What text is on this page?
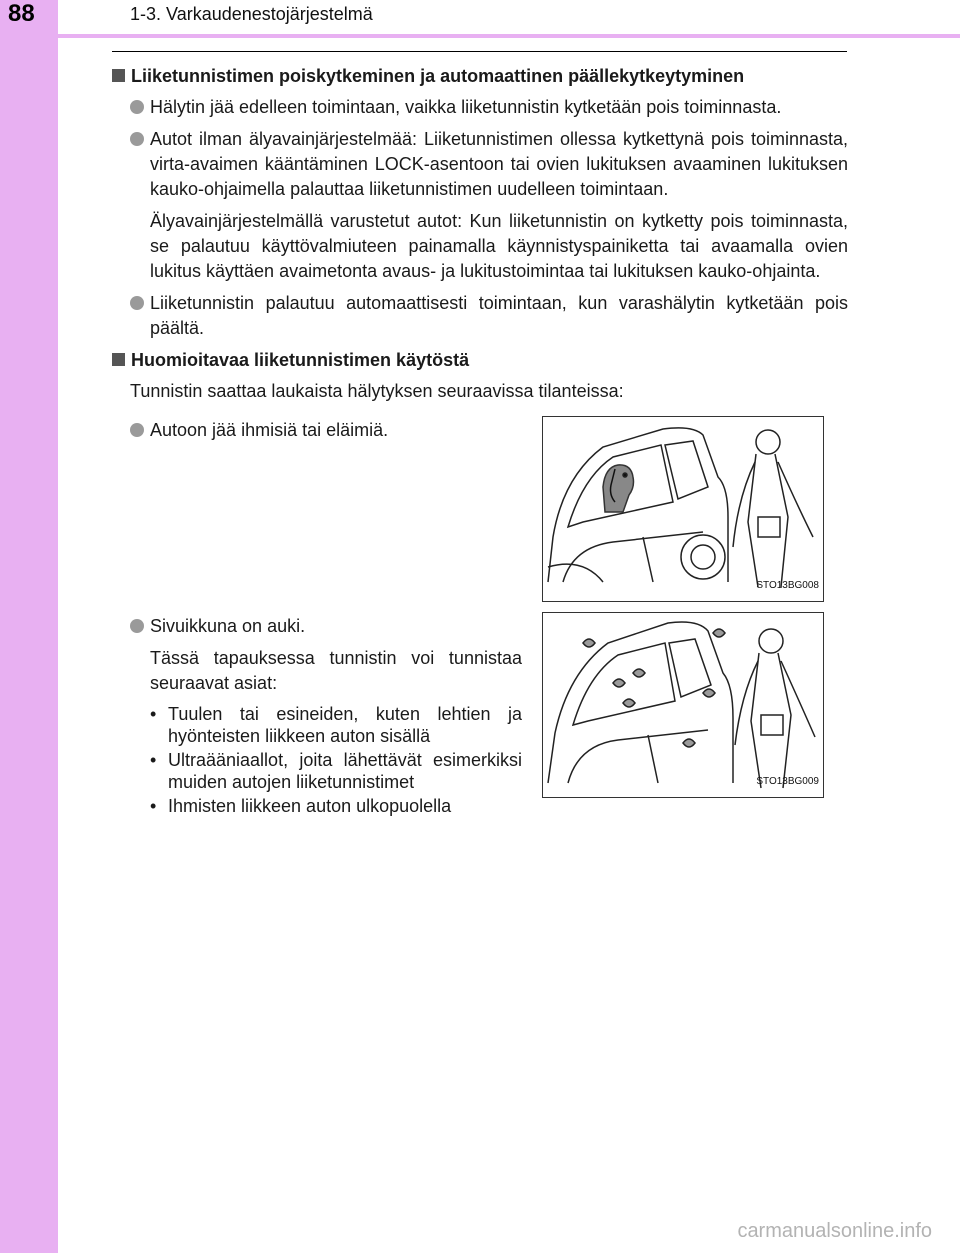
88	1-3. Varkaudenestojärjestelmä
Liiketunnistimen poiskytkeminen ja automaattinen päällekytkeytyminen
Hälytin jää edelleen toimintaan, vaikka liiketunnistin kytketään pois toiminnasta.
Autot ilman älyavainjärjestelmää: Liiketunnistimen ollessa kytkettynä pois toiminnasta, virta-avaimen kääntäminen LOCK-asentoon tai ovien lukituksen avaaminen lukituksen kauko-ohjaimella palauttaa liiketunnistimen uudelleen toimintaan.
Älyavainjärjestelmällä varustetut autot: Kun liiketunnistin on kytketty pois toiminnasta, se palautuu käyttövalmiuteen painamalla käynnistyspainiketta tai avaamalla ovien lukitus käyttäen avaimetonta avaus- ja lukitustoimintaa tai lukituksen kauko-ohjainta.
Liiketunnistin palautuu automaattisesti toimintaan, kun varashälytin kytketään pois päältä.
Huomioitavaa liiketunnistimen käytöstä
Tunnistin saattaa laukaista hälytyksen seuraavissa tilanteissa:
Autoon jää ihmisiä tai eläimiä.
STO13BG008
Sivuikkuna on auki.
Tässä tapauksessa tunnistin voi tunnistaa seuraavat asiat:
• Tuulen tai esineiden, kuten lehtien ja hyönteisten liikkeen auton sisällä
• Ultraääniaallot, joita lähettävät esimerkiksi muiden autojen liiketunnistimet
• Ihmisten liikkeen auton ulkopuolella
STO13BG009
carmanualsonline.info
